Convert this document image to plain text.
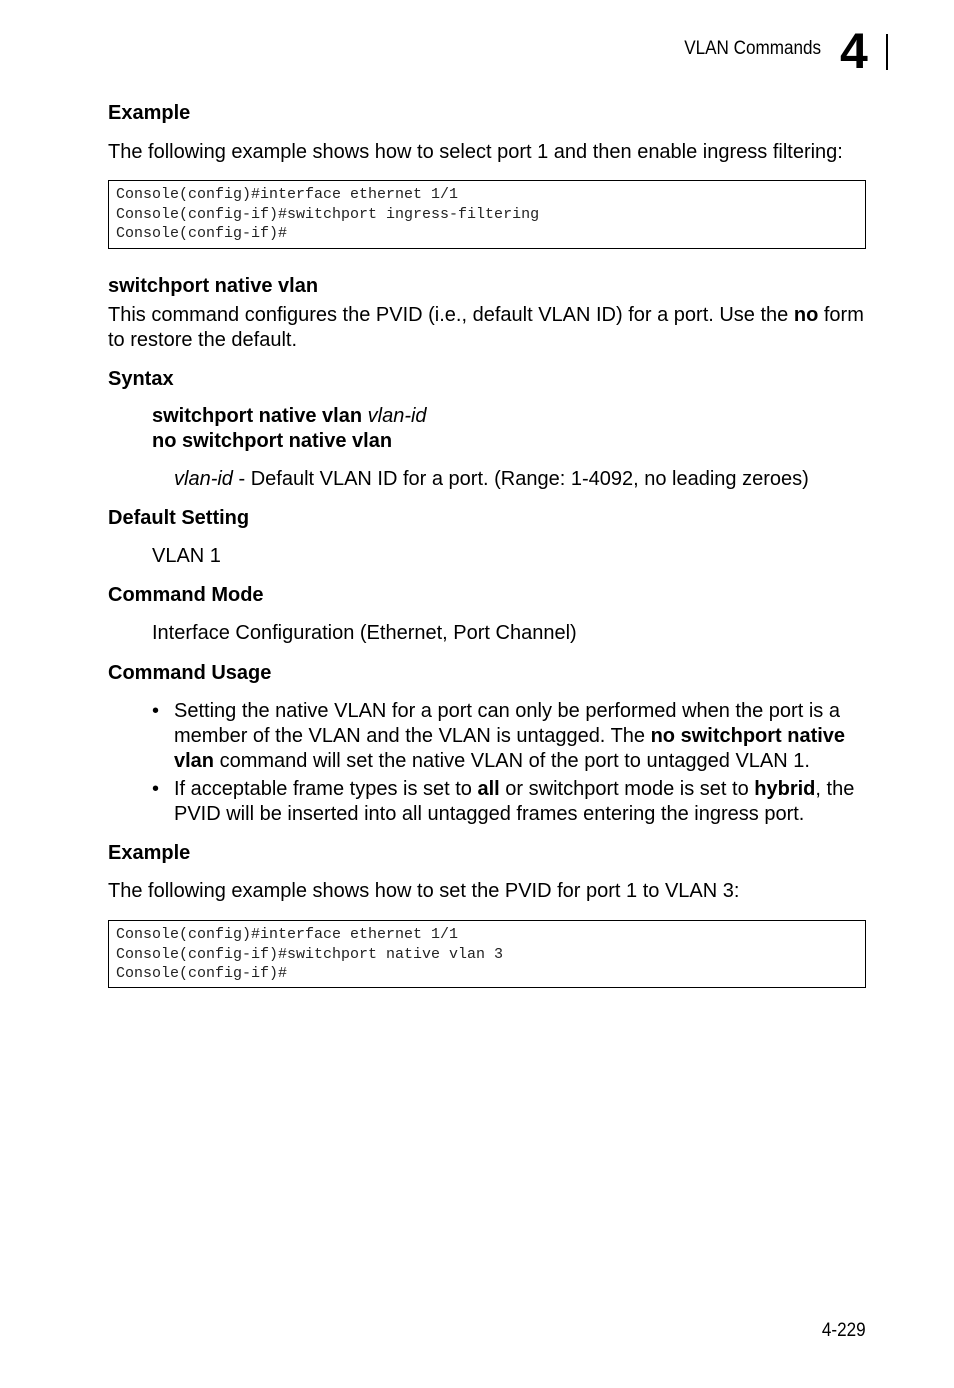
VLAN Commands 4
Example
The following example shows how to select port 1 and then enable ingress filtering:
Console(config)#interface ethernet 1/1
Console(config-if)#switchport ingress-filtering
Console(config-if)#
switchport native vlan
This command configures the PVID (i.e., default VLAN ID) for a port. Use the no form to restore the default.
Syntax
switchport native vlan vlan-id
no switchport native vlan
vlan-id - Default VLAN ID for a port. (Range: 1-4092, no leading zeroes)
Default Setting
VLAN 1
Command Mode
Interface Configuration (Ethernet, Port Channel)
Command Usage
• Setting the native VLAN for a port can only be performed when the port is a member of the VLAN and the VLAN is untagged. The no switchport native vlan command will set the native VLAN of the port to untagged VLAN 1.
• If acceptable frame types is set to all or switchport mode is set to hybrid, the PVID will be inserted into all untagged frames entering the ingress port.
Example
The following example shows how to set the PVID for port 1 to VLAN 3:
Console(config)#interface ethernet 1/1
Console(config-if)#switchport native vlan 3
Console(config-if)#
4-229
